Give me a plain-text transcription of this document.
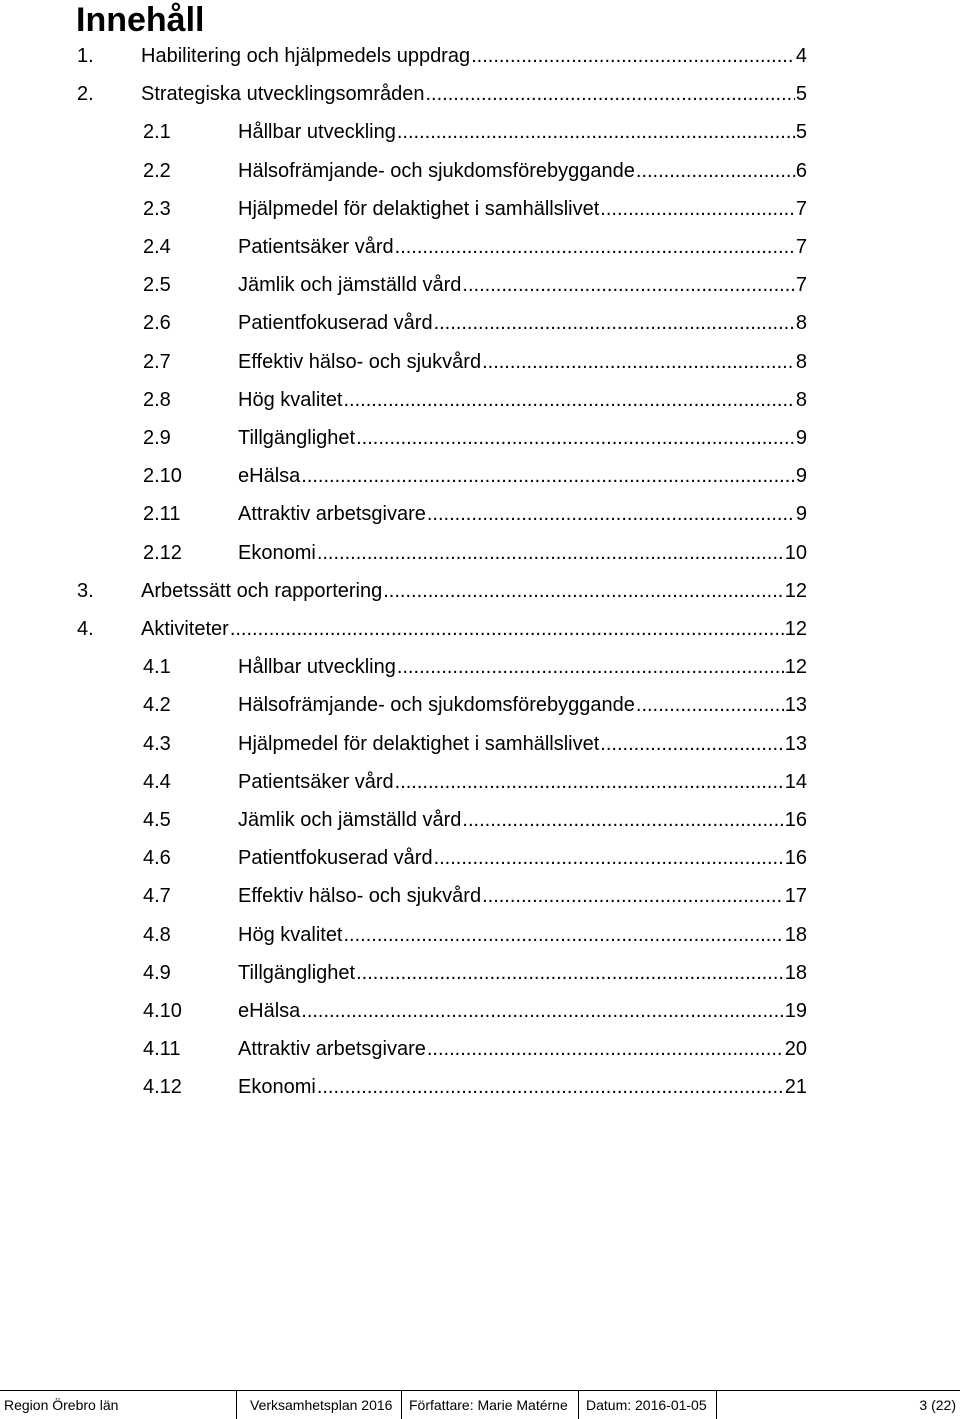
Innehåll
1. Habilitering och hjälpmedels uppdrag .....	4
2. Strategiska utvecklingsområden .....	5
2.1	Hållbar utveckling .....	5
2.2	Hälsofrämjande- och sjukdomsförebyggande .....	6
2.3	Hjälpmedel för delaktighet i samhällslivet .....	7
2.4	Patientsäker vård .....	7
2.5	Jämlik och jämställd vård .....	7
2.6	Patientfokuserad vård .....	8
2.7	Effektiv hälso- och sjukvård .....	8
2.8	Hög kvalitet .....	8
2.9	Tillgänglighet .....	9
2.10	eHälsa .....	9
2.11	Attraktiv arbetsgivare .....	9
2.12	Ekonomi .....	10
3. Arbetssätt och rapportering .....	12
4. Aktiviteter .....	12
4.1	Hållbar utveckling .....	12
4.2	Hälsofrämjande- och sjukdomsförebyggande .....	13
4.3	Hjälpmedel för delaktighet i samhällslivet .....	13
4.4	Patientsäker vård .....	14
4.5	Jämlik och jämställd vård .....	16
4.6	Patientfokuserad vård .....	16
4.7	Effektiv hälso- och sjukvård .....	17
4.8	Hög kvalitet .....	18
4.9	Tillgänglighet .....	18
4.10	eHälsa .....	19
4.11	Attraktiv arbetsgivare .....	20
4.12	Ekonomi .....	21
Region Örebro län	Verksamhetsplan 2016 Författare: Marie Matérne Datum: 2016-01-05	3 (22)
